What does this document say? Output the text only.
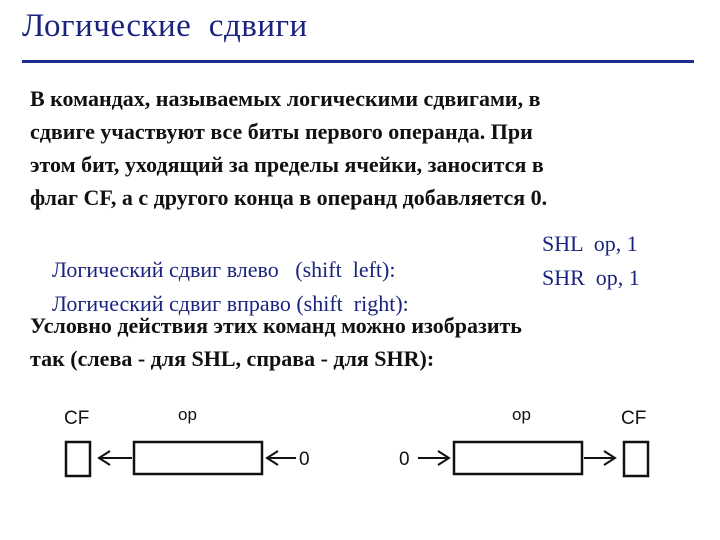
Логические  сдвиги

В командах, называемых логическими сдвигами, в
сдвиге участвуют все биты первого операнда. При
этом бит, уходящий за пределы ячейки, заносится в
флаг CF, а с другого конца в операнд добавляется 0.

Логический сдвиг влево   (shift  left):

SHL  op, 1

Логический сдвиг вправо (shift  right):

SHR  op, 1

Условно действия этих команд можно изобразить
так (слева - для SHL, справа - для SHR):

CF	op
0	0
op	CF
